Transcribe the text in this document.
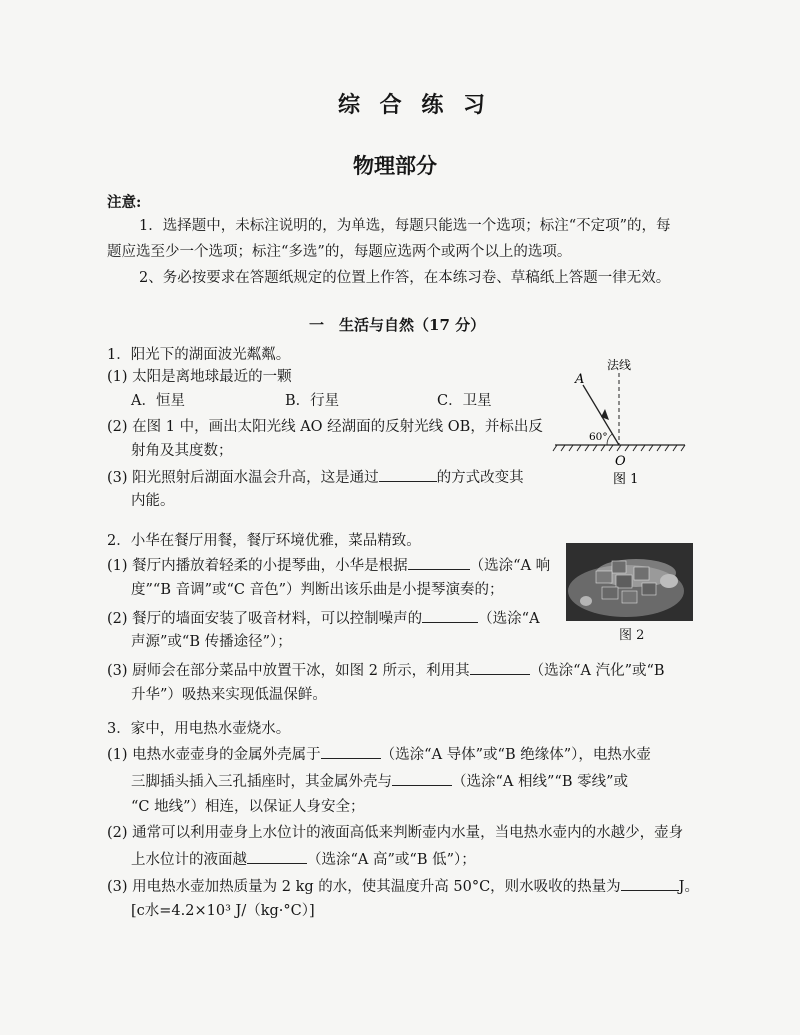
综 合 练 习
物理部分
注意:
1．选择题中，未标注说明的，为单选，每题只能选一个选项；标注“不定项”的，每
题应选至少一个选项；标注“多选”的，每题应选两个或两个以上的选项。
2、务必按要求在答题纸规定的位置上作答，在本练习卷、草稿纸上答题一律无效。
一　生活与自然（17 分）
1．阳光下的湖面波光粼粼。
(1) 太阳是离地球最近的一颗
A．恒星	B．行星	C．卫星
(2) 在图 1 中，画出太阳光线 AO 经湖面的反射光线 OB，并标出反
射角及其度数；
(3) 阳光照射后湖面水温会升高，这是通过	的方式改变其
内能。
法线
A
60°
O
图 1
2．小华在餐厅用餐，餐厅环境优雅，菜品精致。
(1) 餐厅内播放着轻柔的小提琴曲，小华是根据	（选涂“A 响
度”“B 音调”或“C 音色”）判断出该乐曲是小提琴演奏的；
(2) 餐厅的墙面安装了吸音材料，可以控制噪声的	（选涂“A
声源”或“B 传播途径”）；
(3) 厨师会在部分菜品中放置干冰，如图 2 所示，利用其	（选涂“A 汽化”或“B
升华”）吸热来实现低温保鲜。
图 2
3．家中，用电热水壶烧水。
(1) 电热水壶壶身的金属外壳属于	（选涂“A 导体”或“B 绝缘体”），电热水壶
三脚插头插入三孔插座时，其金属外壳与	（选涂“A 相线”“B 零线”或
“C 地线”）相连，以保证人身安全；
(2) 通常可以利用壶身上水位计的液面高低来判断壶内水量，当电热水壶内的水越少，壶身
上水位计的液面越	（选涂“A 高”或“B 低”）；
(3) 用电热水壶加热质量为 2 kg 的水，使其温度升高 50°C，则水吸收的热量为	J。
[c水=4.2×10³ J/（kg·°C）]
